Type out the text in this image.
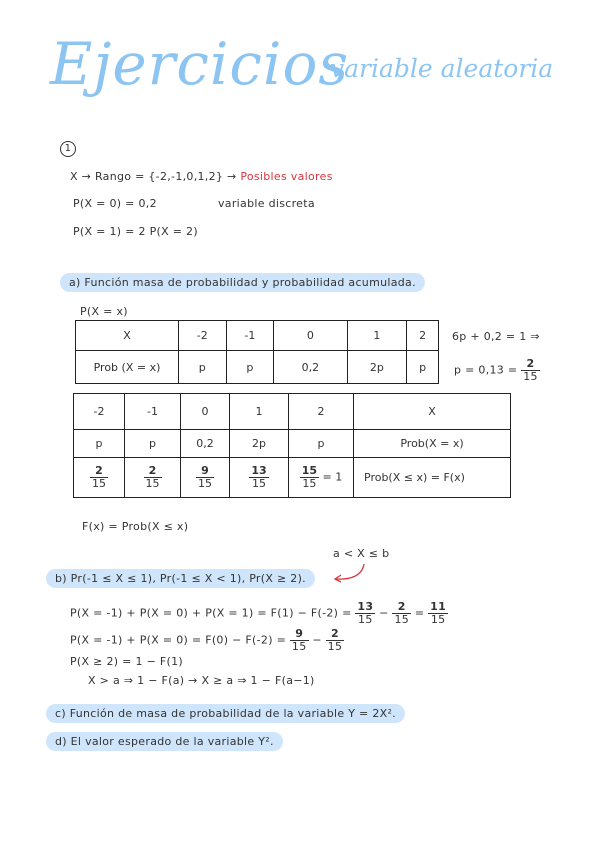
Ejercicios
variable aleatoria
1
X → Rango = {-2,-1,0,1,2} → Posibles valores
P(X = 0) = 0,2	variable discreta
P(X = 1) = 2 P(X = 2)
a) Función masa de probabilidad y probabilidad acumulada.
P(X = x)
X	-2	-1	0	1	2
Prob (X = x)	p	p	0,2	2p	p
6p + 0,2 = 1 ⇒
$p = 0,13 = \frac{2}{15}$
-2	-1	0	1	2	X
p	p	0,2	2p	p	Prob(X = x)

$\frac{2}{15}$	$\frac{2}{15}$	$\frac{9}{15}$	$\frac{13}{15}$	$\frac{15}{15} = 1$	Prob(X ≤ x) = F(x)
F(x) = Prob(X ≤ x)
a < X ≤ b
b) Pr(-1 ≤ X ≤ 1), Pr(-1 ≤ X < 1), Pr(X ≥ 2).
$P(X = -1) + P(X = 0) + P(X = 1) = F(1) - F(-2) = \frac{13}{15} - \frac{2}{15} = \frac{11}{15}$
$P(X = -1) + P(X = 0) = F(0) - F(-2) = \frac{9}{15} - \frac{2}{15}$
P(X ≥ 2) = 1 − F(1)
X > a ⇒ 1 − F(a) → X ≥ a ⇒ 1 − F(a−1)
c) Función de masa de probabilidad de la variable Y = 2X².
d) El valor esperado de la variable Y².
